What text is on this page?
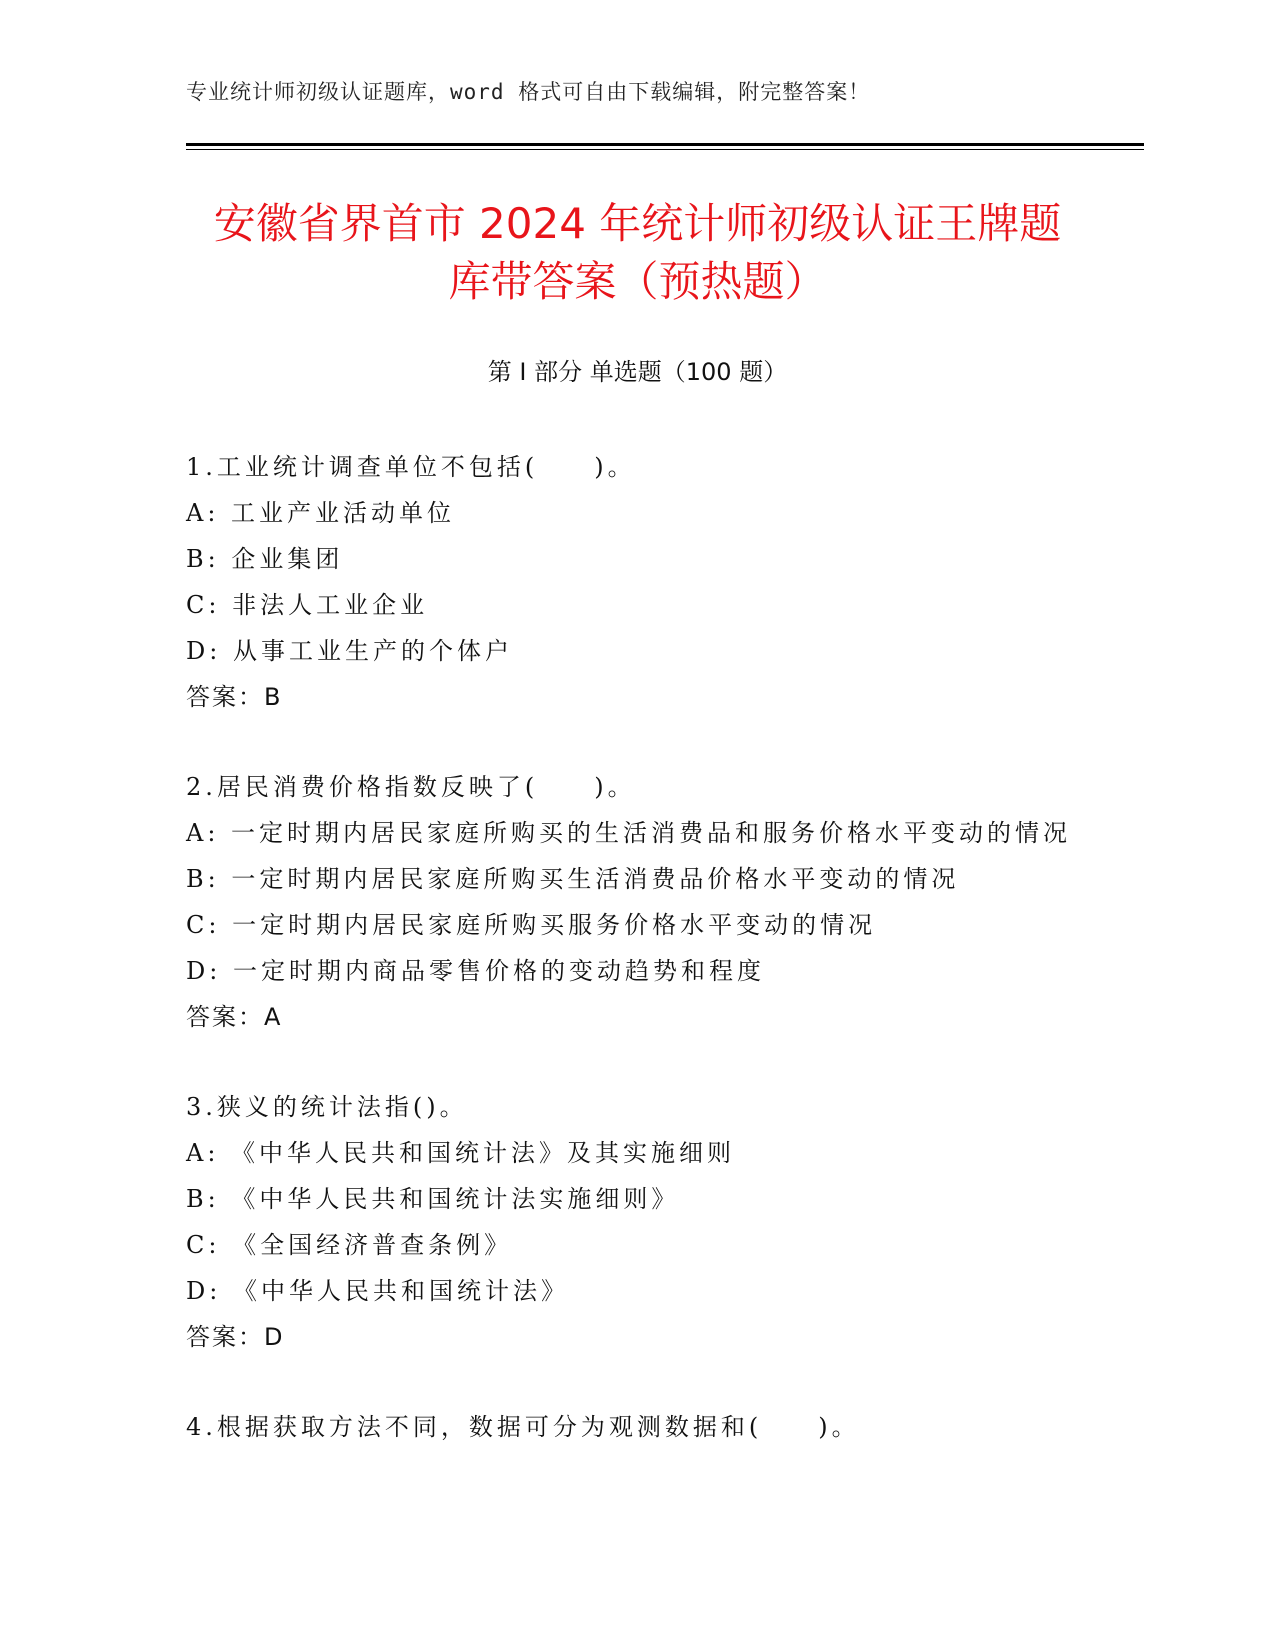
专业统计师初级认证题库，word 格式可自由下载编辑，附完整答案！
安徽省界首市 2024 年统计师初级认证王牌题
库带答案（预热题）
第 I 部分 单选题（100 题）
1.工业统计调查单位不包括(　　)。
A: 工业产业活动单位
B: 企业集团
C: 非法人工业企业
D: 从事工业生产的个体户
答案：B
2.居民消费价格指数反映了(　　)。
A: 一定时期内居民家庭所购买的生活消费品和服务价格水平变动的情况
B: 一定时期内居民家庭所购买生活消费品价格水平变动的情况
C: 一定时期内居民家庭所购买服务价格水平变动的情况
D: 一定时期内商品零售价格的变动趋势和程度
答案：A
3.狭义的统计法指()。
A: 《中华人民共和国统计法》及其实施细则
B: 《中华人民共和国统计法实施细则》
C: 《全国经济普查条例》
D: 《中华人民共和国统计法》
答案：D
4.根据获取方法不同，数据可分为观测数据和(　　)。
